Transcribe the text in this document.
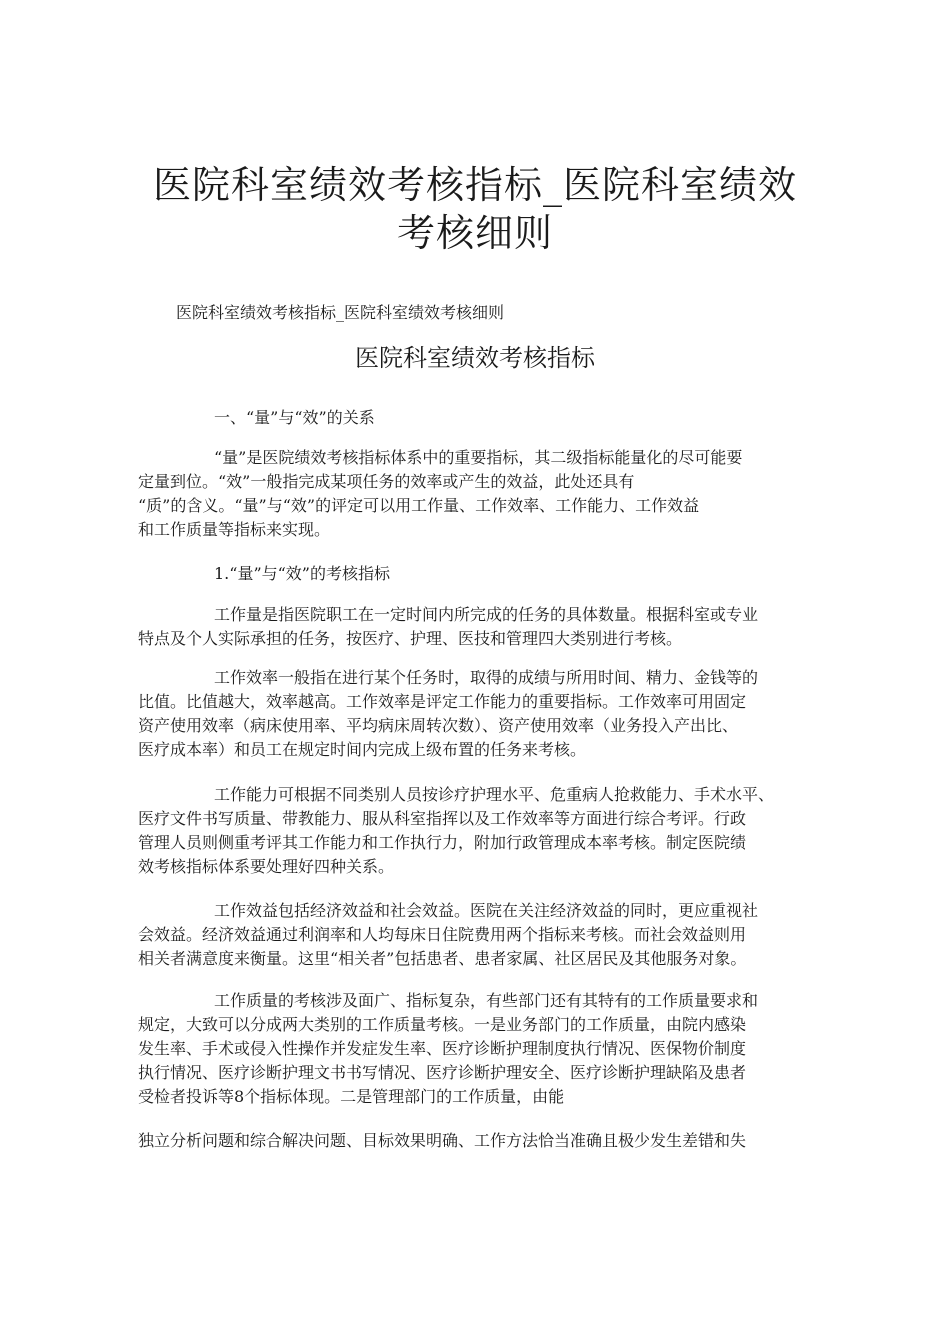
医院科室绩效考核指标_医院科室绩效
考核细则
医院科室绩效考核指标_医院科室绩效考核细则
医院科室绩效考核指标
一、“量”与“效”的关系
“量”是医院绩效考核指标体系中的重要指标，其二级指标能量化的尽可能要
定量到位。“效”一般指完成某项任务的效率或产生的效益，此处还具有
“质”的含义。“量”与“效”的评定可以用工作量、工作效率、工作能力、工作效益
和工作质量等指标来实现。
1.“量”与“效”的考核指标
工作量是指医院职工在一定时间内所完成的任务的具体数量。根据科室或专业
特点及个人实际承担的任务，按医疗、护理、医技和管理四大类别进行考核。
工作效率一般指在进行某个任务时，取得的成绩与所用时间、精力、金钱等的
比值。比值越大，效率越高。工作效率是评定工作能力的重要指标。工作效率可用固定
资产使用效率（病床使用率、平均病床周转次数）、资产使用效率（业务投入产出比、
医疗成本率）和员工在规定时间内完成上级布置的任务来考核。
工作能力可根据不同类别人员按诊疗护理水平、危重病人抢救能力、手术水平、
医疗文件书写质量、带教能力、服从科室指挥以及工作效率等方面进行综合考评。行政
管理人员则侧重考评其工作能力和工作执行力，附加行政管理成本率考核。制定医院绩
效考核指标体系要处理好四种关系。
工作效益包括经济效益和社会效益。医院在关注经济效益的同时，更应重视社
会效益。经济效益通过利润率和人均每床日住院费用两个指标来考核。而社会效益则用
相关者满意度来衡量。这里“相关者”包括患者、患者家属、社区居民及其他服务对象。
工作质量的考核涉及面广、指标复杂，有些部门还有其特有的工作质量要求和
规定，大致可以分成两大类别的工作质量考核。一是业务部门的工作质量，由院内感染
发生率、手术或侵入性操作并发症发生率、医疗诊断护理制度执行情况、医保物价制度
执行情况、医疗诊断护理文书书写情况、医疗诊断护理安全、医疗诊断护理缺陷及患者
受检者投诉等8个指标体现。二是管理部门的工作质量，由能
独立分析问题和综合解决问题、目标效果明确、工作方法恰当准确且极少发生差错和失
